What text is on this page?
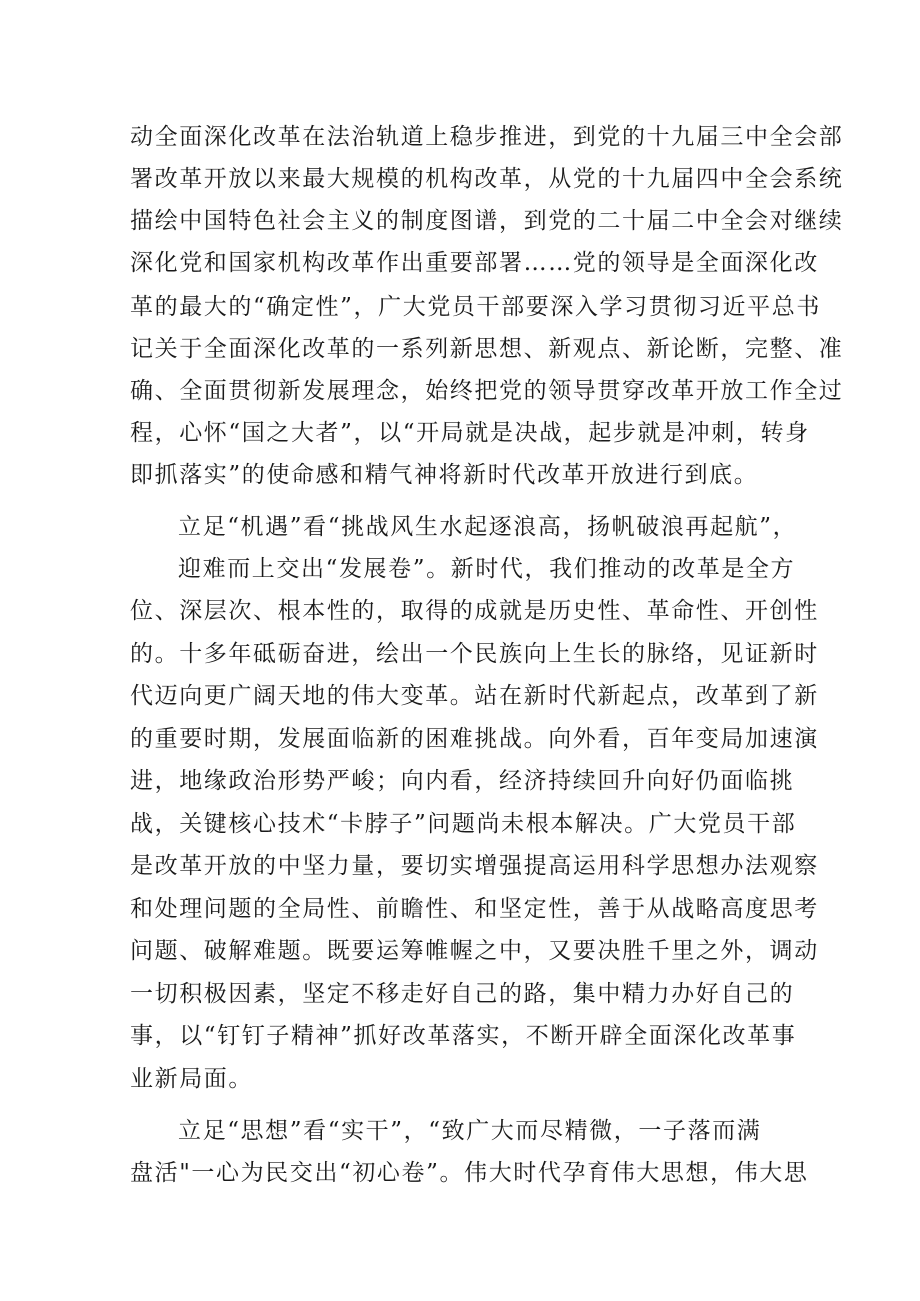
动全面深化改革在法治轨道上稳步推进，到党的十九届三中全会部
署改革开放以来最大规模的机构改革，从党的十九届四中全会系统
描绘中国特色社会主义的制度图谱，到党的二十届二中全会对继续
深化党和国家机构改革作出重要部署……党的领导是全面深化改
革的最大的“确定性”，广大党员干部要深入学习贯彻习近平总书
记关于全面深化改革的一系列新思想、新观点、新论断，完整、准
确、全面贯彻新发展理念，始终把党的领导贯穿改革开放工作全过
程，心怀“国之大者”，以“开局就是决战，起步就是冲刺，转身
即抓落实”的使命感和精气神将新时代改革开放进行到底。
立足“机遇”看“挑战风生水起逐浪高，扬帆破浪再起航”，
迎难而上交出“发展卷”。新时代，我们推动的改革是全方
位、深层次、根本性的，取得的成就是历史性、革命性、开创性
的。十多年砥砺奋进，绘出一个民族向上生长的脉络，见证新时
代迈向更广阔天地的伟大变革。站在新时代新起点，改革到了新
的重要时期，发展面临新的困难挑战。向外看，百年变局加速演
进，地缘政治形势严峻；向内看，经济持续回升向好仍面临挑
战，关键核心技术“卡脖子”问题尚未根本解决。广大党员干部
是改革开放的中坚力量，要切实增强提高运用科学思想办法观察
和处理问题的全局性、前瞻性、和坚定性，善于从战略高度思考
问题、破解难题。既要运筹帷幄之中，又要决胜千里之外，调动
一切积极因素，坚定不移走好自己的路，集中精力办好自己的
事，以“钉钉子精神”抓好改革落实，不断开辟全面深化改革事
业新局面。
立足“思想”看“实干”，“致广大而尽精微，一子落而满
盘活"一心为民交出“初心卷”。伟大时代孕育伟大思想，伟大思
